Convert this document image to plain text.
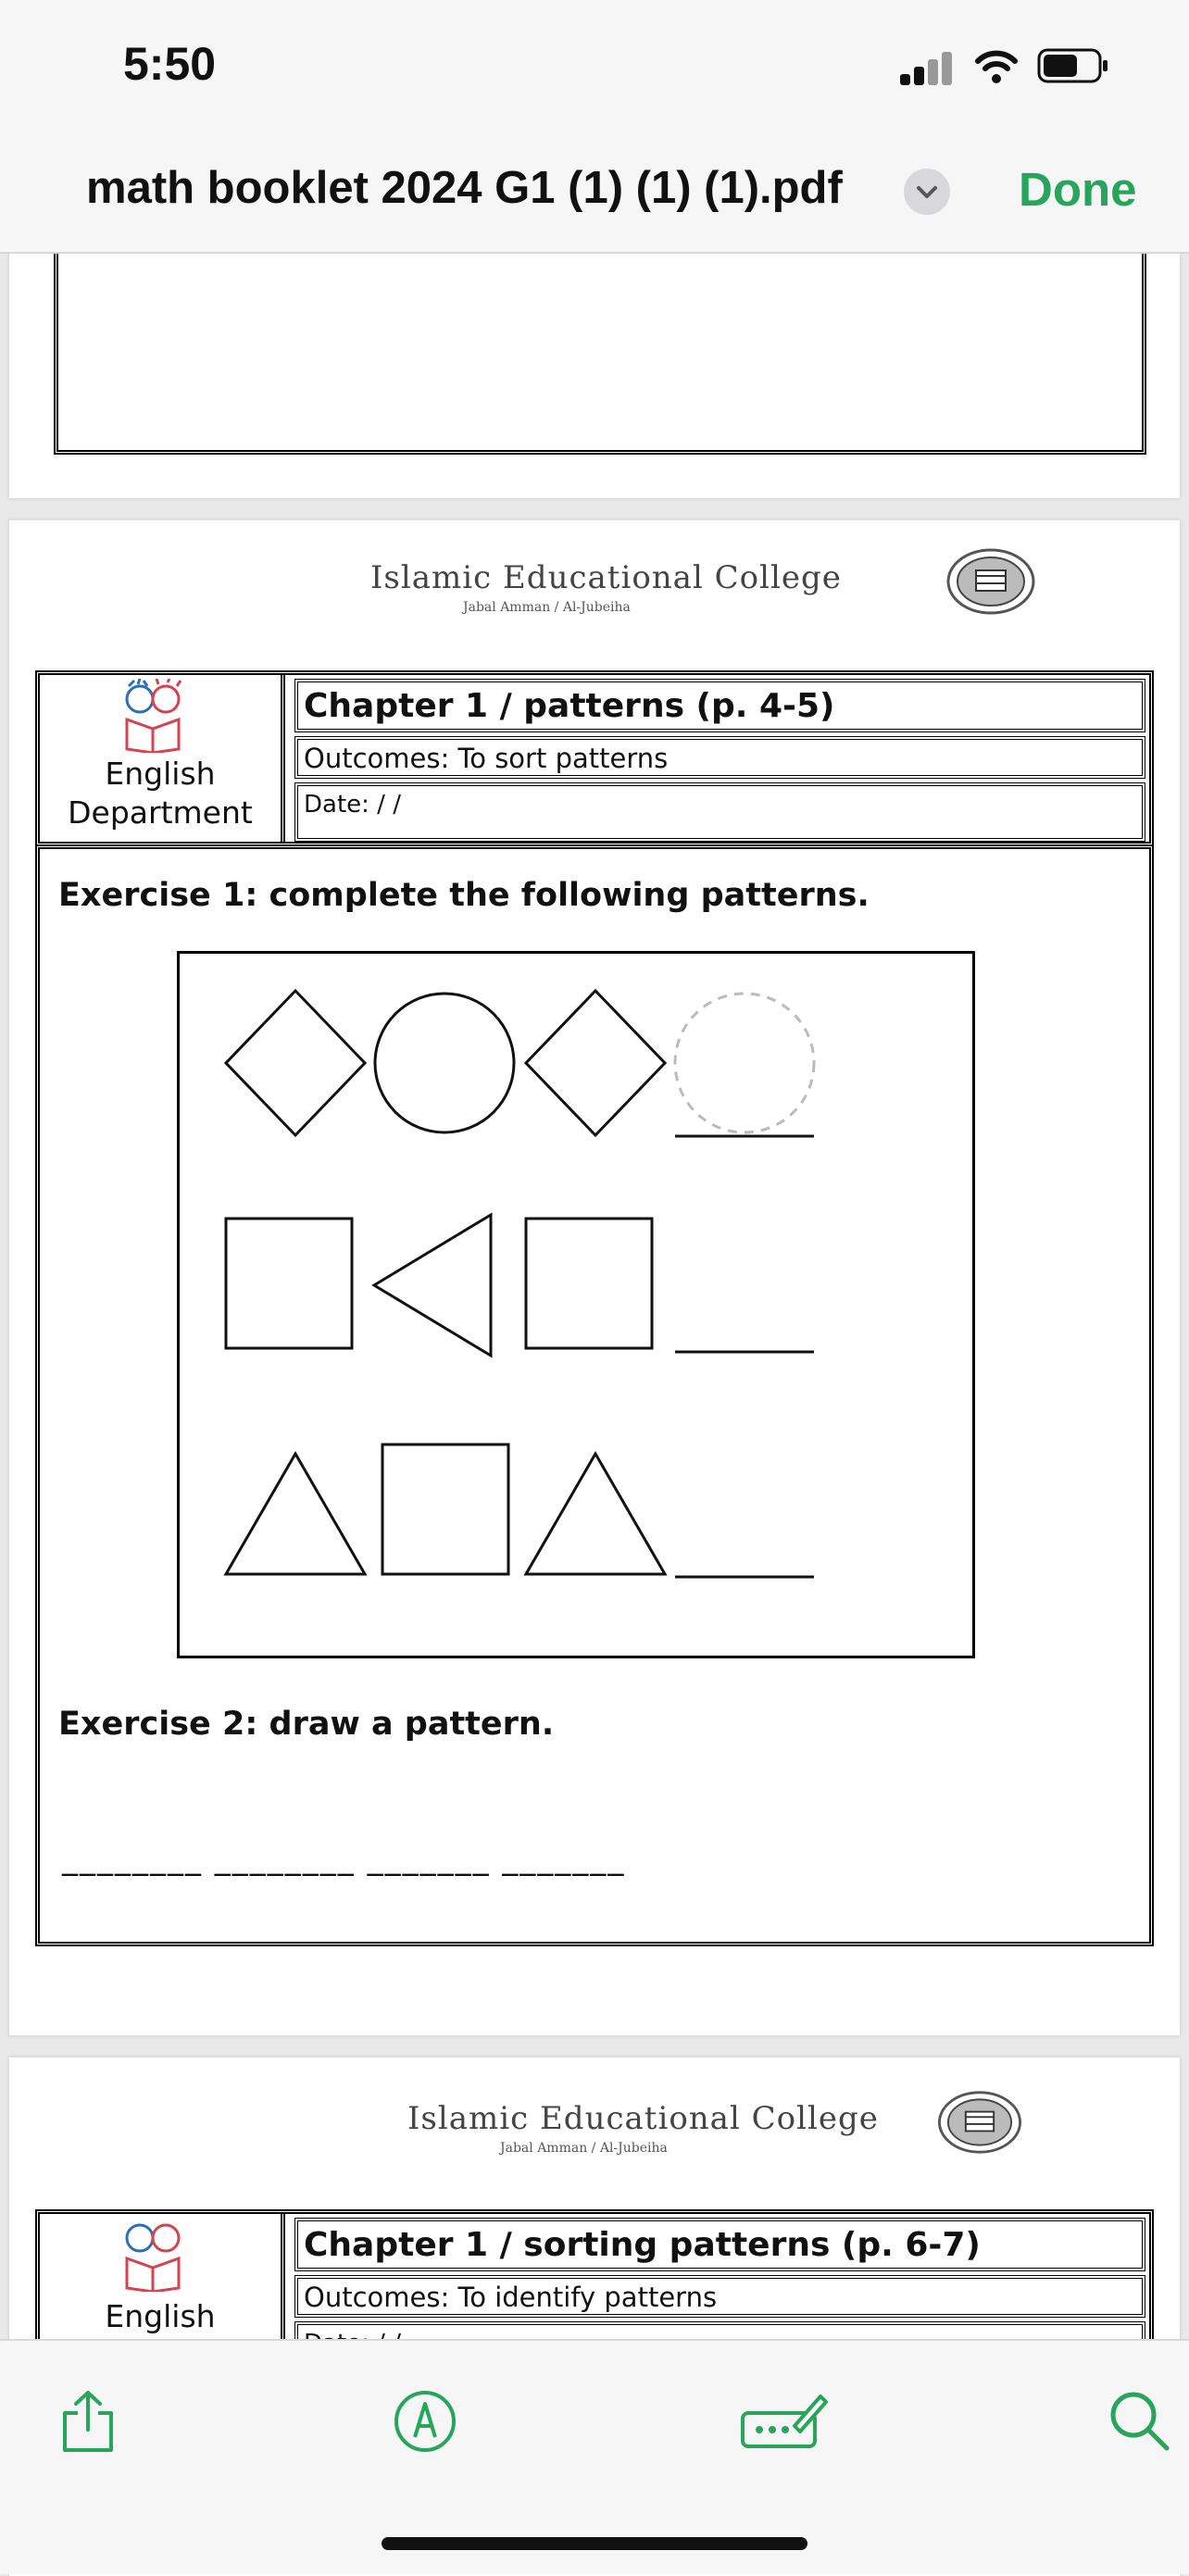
5:50
math booklet 2024 G1 (1) (1) (1).pdf	Done
Islamic Educational College
Jabal Amman / Al-Jubeiha
English
Department
Chapter 1 / patterns (p. 4-5)
Outcomes: To sort patterns
Date: / /
Exercise 1: complete the following patterns.
Exercise 2: draw a pattern.
________ ________ _______ _______
Islamic Educational College
Jabal Amman / Al-Jubeiha
English
Chapter 1 / sorting patterns (p. 6-7)
Outcomes: To identify patterns
